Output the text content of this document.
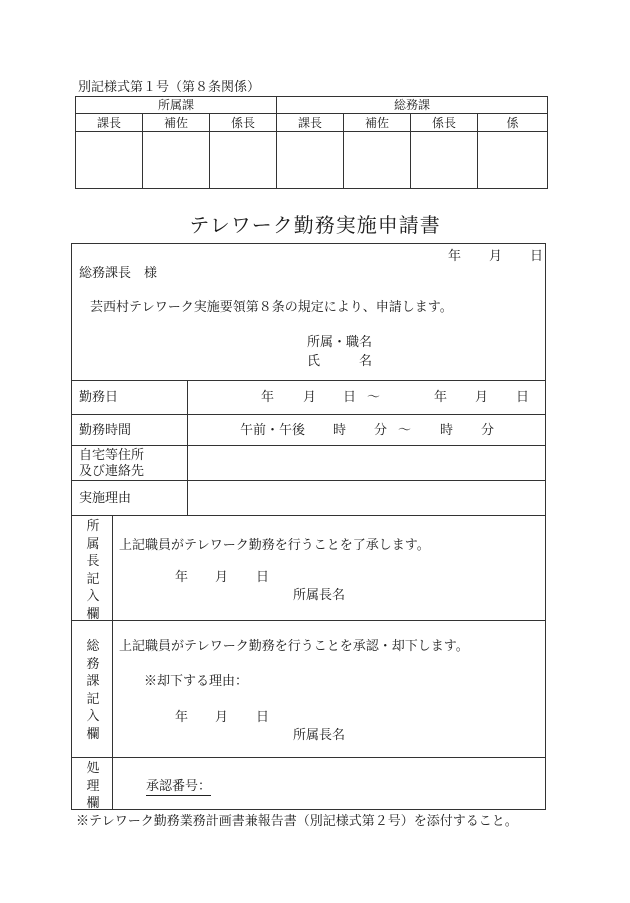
別記様式第１号（第８条関係）
所属課			総務課			
課長	補佐	係長	課長	補佐	係長	係

テレワーク勤務実施申請書
年 月 日
総務課長　様
芸西村テレワーク実施要領第８条の規定により、申請します。
所属・職名
氏　　　名
勤務日	年 月 日 ～	年 月 日
勤務時間	午前・午後 時 分 ～ 時 分
自宅等住所
及び連絡先
実施理由
所属長記入欄
上記職員がテレワーク勤務を行うことを了承します。
年 月 日
所属長名
総務課記入欄
上記職員がテレワーク勤務を行うことを承認・却下します。
※却下する理由：
年 月 日
所属長名
処理欄
承認番号：
※テレワーク勤務業務計画書兼報告書（別記様式第２号）を添付すること。
